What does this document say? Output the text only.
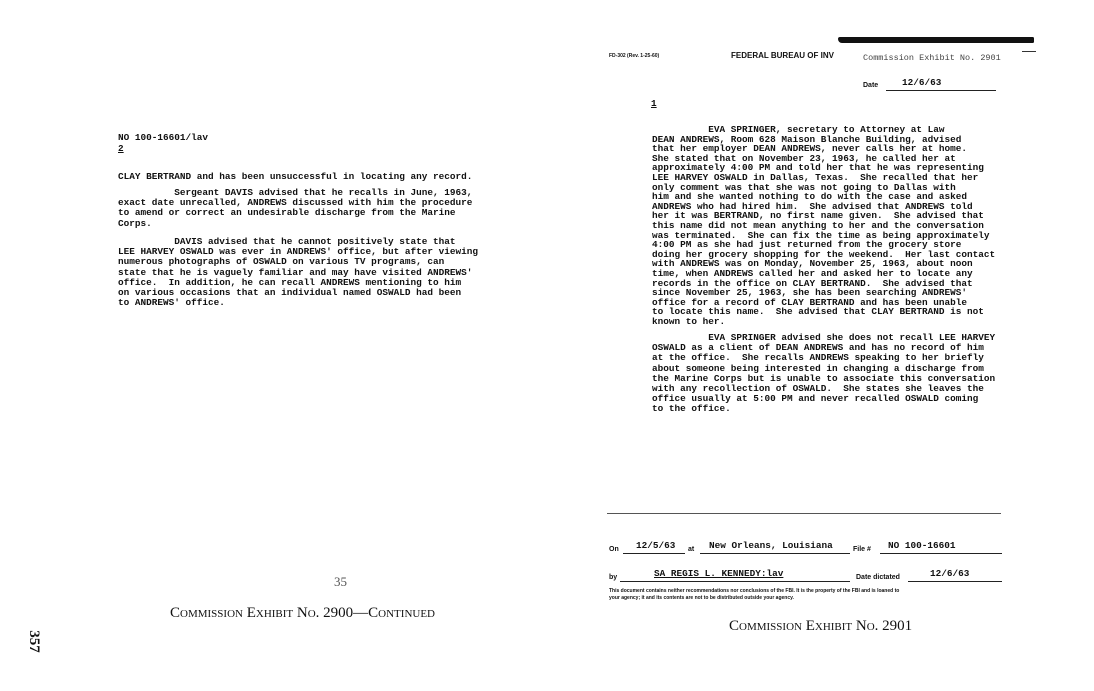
NO 100-16601/lav
2
CLAY BERTRAND and has been unsuccessful in locating any record.
Sergeant DAVIS advised that he recalls in June, 1963,
exact date unrecalled, ANDREWS discussed with him the procedure
to amend or correct an undesirable discharge from the Marine
Corps.
DAVIS advised that he cannot positively state that
LEE HARVEY OSWALD was ever in ANDREWS' office, but after viewing
numerous photographs of OSWALD on various TV programs, can
state that he is vaguely familiar and may have visited ANDREWS'
office.  In addition, he can recall ANDREWS mentioning to him
on various occasions that an individual named OSWALD had been
to ANDREWS' office.
35
Commission Exhibit No. 2900—Continued
357
FD-302 (Rev. 1-25-60)	FEDERAL BUREAU OF INV	Commission Exhibit No. 2901
Date	12/6/63
1
EVA SPRINGER, secretary to Attorney at Law
DEAN ANDREWS, Room 628 Maison Blanche Building, advised
that her employer DEAN ANDREWS, never calls her at home.
She stated that on November 23, 1963, he called her at
approximately 4:00 PM and told her that he was representing
LEE HARVEY OSWALD in Dallas, Texas.  She recalled that her
only comment was that she was not going to Dallas with
him and she wanted nothing to do with the case and asked
ANDREWS who had hired him.  She advised that ANDREWS told
her it was BERTRAND, no first name given.  She advised that
this name did not mean anything to her and the conversation
was terminated.  She can fix the time as being approximately
4:00 PM as she had just returned from the grocery store
doing her grocery shopping for the weekend.  Her last contact
with ANDREWS was on Monday, November 25, 1963, about noon
time, when ANDREWS called her and asked her to locate any
records in the office on CLAY BERTRAND.  She advised that
since November 25, 1963, she has been searching ANDREWS'
office for a record of CLAY BERTRAND and has been unable
to locate this name.  She advised that CLAY BERTRAND is not
known to her.
EVA SPRINGER advised she does not recall LEE HARVEY
OSWALD as a client of DEAN ANDREWS and has no record of him
at the office.  She recalls ANDREWS speaking to her briefly
about someone being interested in changing a discharge from
the Marine Corps but is unable to associate this conversation
with any recollection of OSWALD.  She states she leaves the
office usually at 5:00 PM and never recalled OSWALD coming
to the office.
On 12/5/63 at New Orleans, Louisiana	File # NO 100-16601
by	SA REGIS L. KENNEDY:lav	Date dictated	12/6/63
This document contains neither recommendations nor conclusions of the FBI. It is the property of the FBI and is loaned to
your agency; it and its contents are not to be distributed outside your agency.
Commission Exhibit No. 2901
